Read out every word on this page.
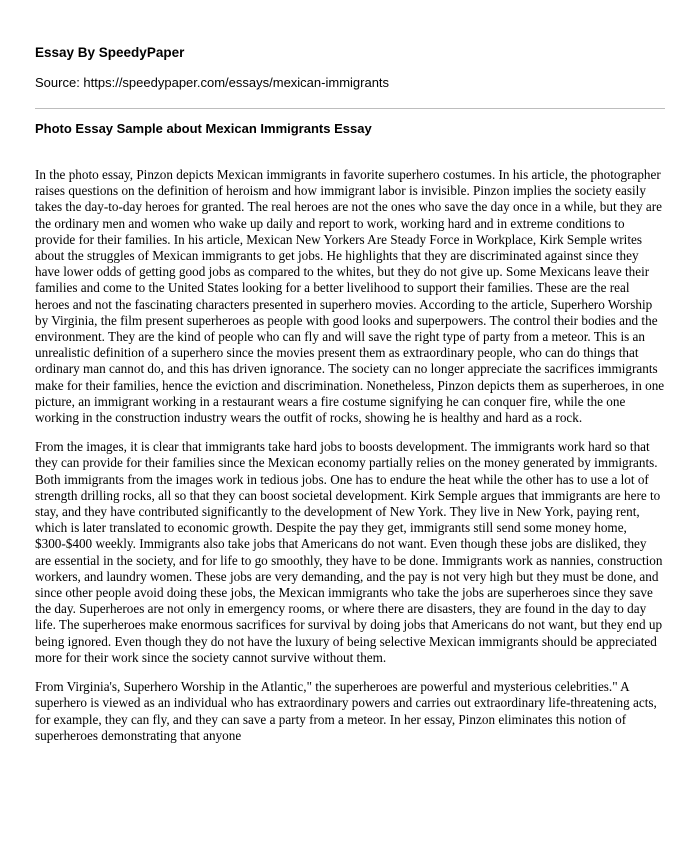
Essay By SpeedyPaper
Source: https://speedypaper.com/essays/mexican-immigrants
Photo Essay Sample about Mexican Immigrants Essay

In the photo essay, Pinzon depicts Mexican immigrants in favorite superhero costumes. In his article, the photographer raises questions on the definition of heroism and how immigrant labor is invisible. Pinzon implies the society easily takes the day-to-day heroes for granted. The real heroes are not the ones who save the day once in a while, but they are the ordinary men and women who wake up daily and report to work, working hard and in extreme conditions to provide for their families. In his article, Mexican New Yorkers Are Steady Force in Workplace, Kirk Semple writes about the struggles of Mexican immigrants to get jobs. He highlights that they are discriminated against since they have lower odds of getting good jobs as compared to the whites, but they do not give up. Some Mexicans leave their families and come to the United States looking for a better livelihood to support their families. These are the real heroes and not the fascinating characters presented in superhero movies. According to the article, Superhero Worship by Virginia, the film present superheroes as people with good looks and superpowers. The control their bodies and the environment. They are the kind of people who can fly and will save the right type of party from a meteor. This is an unrealistic definition of a superhero since the movies present them as extraordinary people, who can do things that ordinary man cannot do, and this has driven ignorance. The society can no longer appreciate the sacrifices immigrants make for their families, hence the eviction and discrimination. Nonetheless, Pinzon depicts them as superheroes, in one picture, an immigrant working in a restaurant wears a fire costume signifying he can conquer fire, while the one working in the construction industry wears the outfit of rocks, showing he is healthy and hard as a rock.

From the images, it is clear that immigrants take hard jobs to boosts development. The immigrants work hard so that they can provide for their families since the Mexican economy partially relies on the money generated by immigrants. Both immigrants from the images work in tedious jobs. One has to endure the heat while the other has to use a lot of strength drilling rocks, all so that they can boost societal development. Kirk Semple argues that immigrants are here to stay, and they have contributed significantly to the development of New York. They live in New York, paying rent, which is later translated to economic growth. Despite the pay they get, immigrants still send some money home, $300-$400 weekly. Immigrants also take jobs that Americans do not want. Even though these jobs are disliked, they are essential in the society, and for life to go smoothly, they have to be done. Immigrants work as nannies, construction workers, and laundry women. These jobs are very demanding, and the pay is not very high but they must be done, and since other people avoid doing these jobs, the Mexican immigrants who take the jobs are superheroes since they save the day. Superheroes are not only in emergency rooms, or where there are disasters, they are found in the day to day life. The superheroes make enormous sacrifices for survival by doing jobs that Americans do not want, but they end up being ignored. Even though they do not have the luxury of being selective Mexican immigrants should be appreciated more for their work since the society cannot survive without them.

From Virginia's, Superhero Worship in the Atlantic," the superheroes are powerful and mysterious celebrities." A superhero is viewed as an individual who has extraordinary powers and carries out extraordinary life-threatening acts, for example, they can fly, and they can save a party from a meteor. In her essay, Pinzon eliminates this notion of superheroes demonstrating that anyone
